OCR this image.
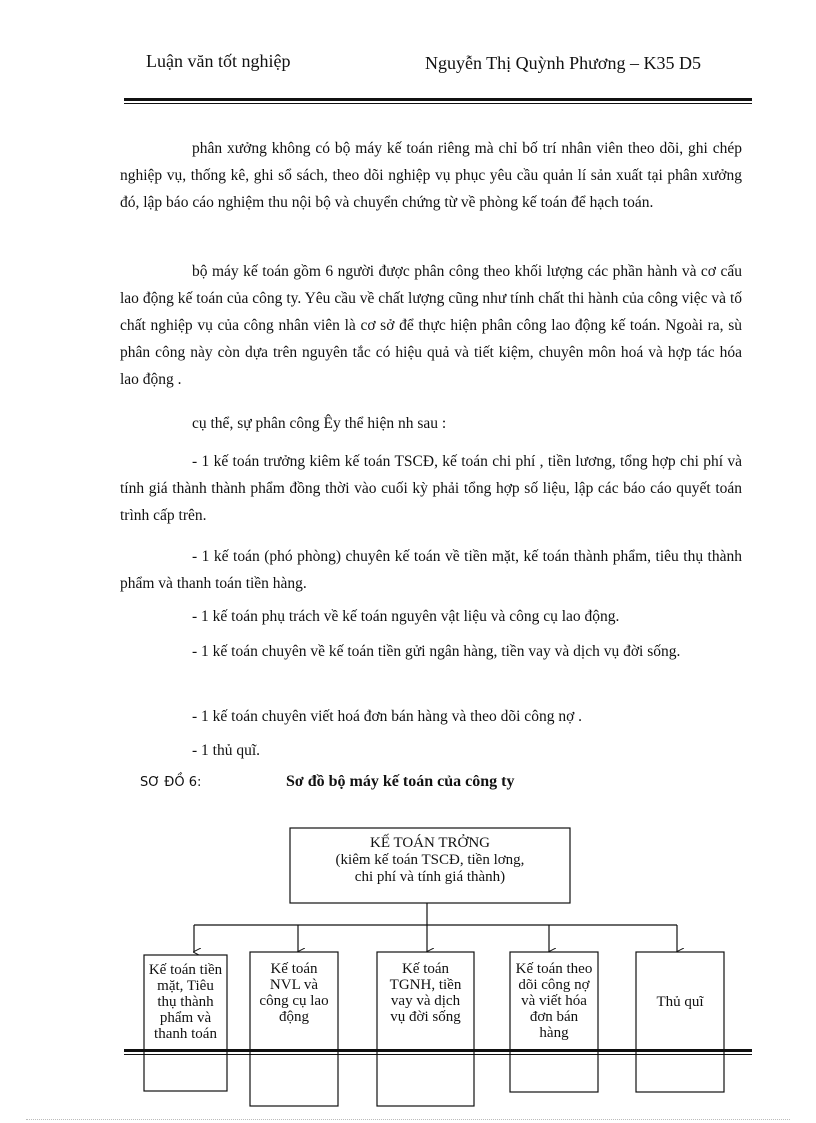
Luận văn tốt nghiệp	Nguyễn Thị Quỳnh Phương – K35 D5

phân xưởng không có bộ máy kế toán riêng mà chỉ bố trí nhân viên theo dõi, ghi chép nghiệp vụ, thống kê, ghi sổ sách, theo dõi nghiệp vụ phục yêu cầu quản lí sản xuất tại phân xưởng đó, lập báo cáo nghiệm thu nội bộ và chuyển chứng từ về phòng kế toán để hạch toán.

bộ máy kế toán gồm 6 người được phân công theo khối lượng các phần hành và cơ cấu lao động kế toán của công ty. Yêu cầu về chất lượng cũng như tính chất thi hành của công việc và tố chất nghiệp vụ của công nhân viên là cơ sở để thực hiện phân công lao động kế toán. Ngoài ra, sù phân công này còn dựa trên nguyên tắc có hiệu quả và tiết kiệm, chuyên môn hoá và hợp tác hóa lao động .

cụ thể, sự phân công Êy thể hiện nh sau :

- 1 kế toán trưởng kiêm kế toán TSCĐ, kế toán chi phí , tiền lương, tổng hợp chi phí và tính giá thành thành phẩm đồng thời vào cuối kỳ phải tổng hợp số liệu, lập các báo cáo quyết toán trình cấp trên.

- 1 kế toán (phó phòng) chuyên kế toán về tiền mặt, kế toán thành phẩm, tiêu thụ thành phẩm và thanh toán tiền hàng.

- 1 kế toán phụ trách về kế toán nguyên vật liệu và công cụ lao động.

- 1 kế toán chuyên về kế toán tiền gửi ngân hàng, tiền vay và dịch vụ đời sống.

- 1 kế toán chuyên viết hoá đơn bán hàng và theo dõi công nợ .

- 1 thủ quĩ.

SƠ ĐỒ 6:	Sơ đồ bộ máy kế toán của công ty
KẾ TOÁN TRỞNG
(kiêm kế toán TSCĐ, tiền lơng,
chi phí và tính giá thành)
Kế toán tiền mặt, Tiêu thụ thành phẩm và thanh toán
Kế toán NVL và công cụ lao động
Kế toán TGNH, tiền vay và dịch vụ đời sống
Kế toán theo dõi công nợ và viết hóa đơn bán hàng
Thủ quĩ
